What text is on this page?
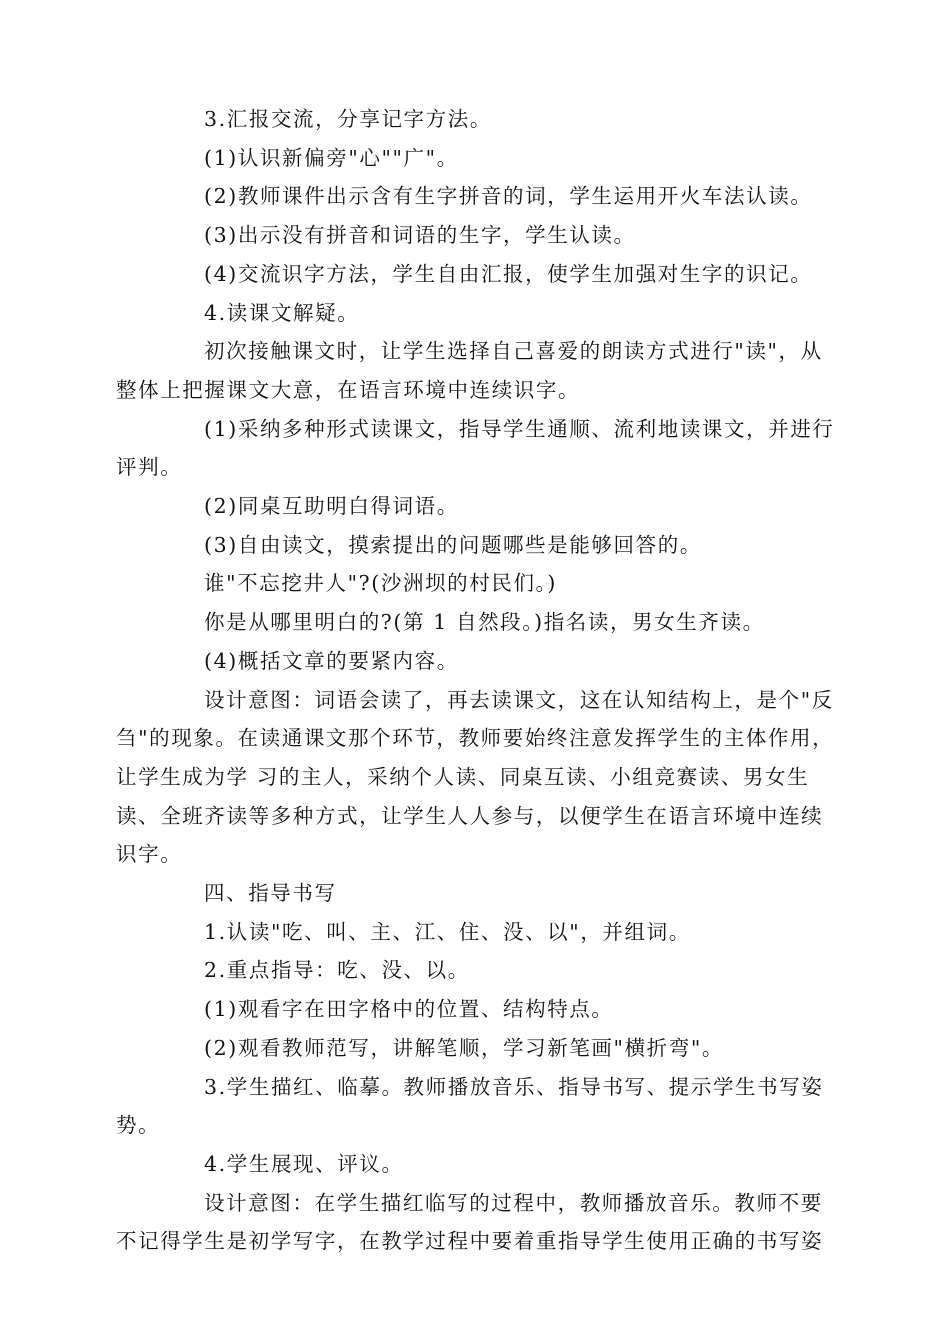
3.汇报交流，分享记字方法。

(1)认识新偏旁"心""广"。

(2)教师课件出示含有生字拼音的词，学生运用开火车法认读。

(3)出示没有拼音和词语的生字，学生认读。

(4)交流识字方法，学生自由汇报，使学生加强对生字的识记。

4.读课文解疑。

初次接触课文时，让学生选择自己喜爱的朗读方式进行"读"，从整体上把握课文大意，在语言环境中连续识字。

(1)采纳多种形式读课文，指导学生通顺、流利地读课文，并进行评判。

(2)同桌互助明白得词语。

(3)自由读文，摸索提出的问题哪些是能够回答的。

谁"不忘挖井人"?(沙洲坝的村民们。)

你是从哪里明白的?(第 1 自然段。)指名读，男女生齐读。

(4)概括文章的要紧内容。

设计意图：词语会读了，再去读课文，这在认知结构上，是个"反刍"的现象。在读通课文那个环节，教师要始终注意发挥学生的主体作用，让学生成为学 习的主人，采纳个人读、同桌互读、小组竞赛读、男女生读、全班齐读等多种方式，让学生人人参与，以便学生在语言环境中连续识字。

四、指导书写

1.认读"吃、叫、主、江、住、没、以"，并组词。

2.重点指导：吃、没、以。

(1)观看字在田字格中的位置、结构特点。

(2)观看教师范写，讲解笔顺，学习新笔画"横折弯"。

3.学生描红、临摹。教师播放音乐、指导书写、提示学生书写姿势。

4.学生展现、评议。

设计意图：在学生描红临写的过程中，教师播放音乐。教师不要不记得学生是初学写字，在教学过程中要着重指导学生使用正确的书写姿
